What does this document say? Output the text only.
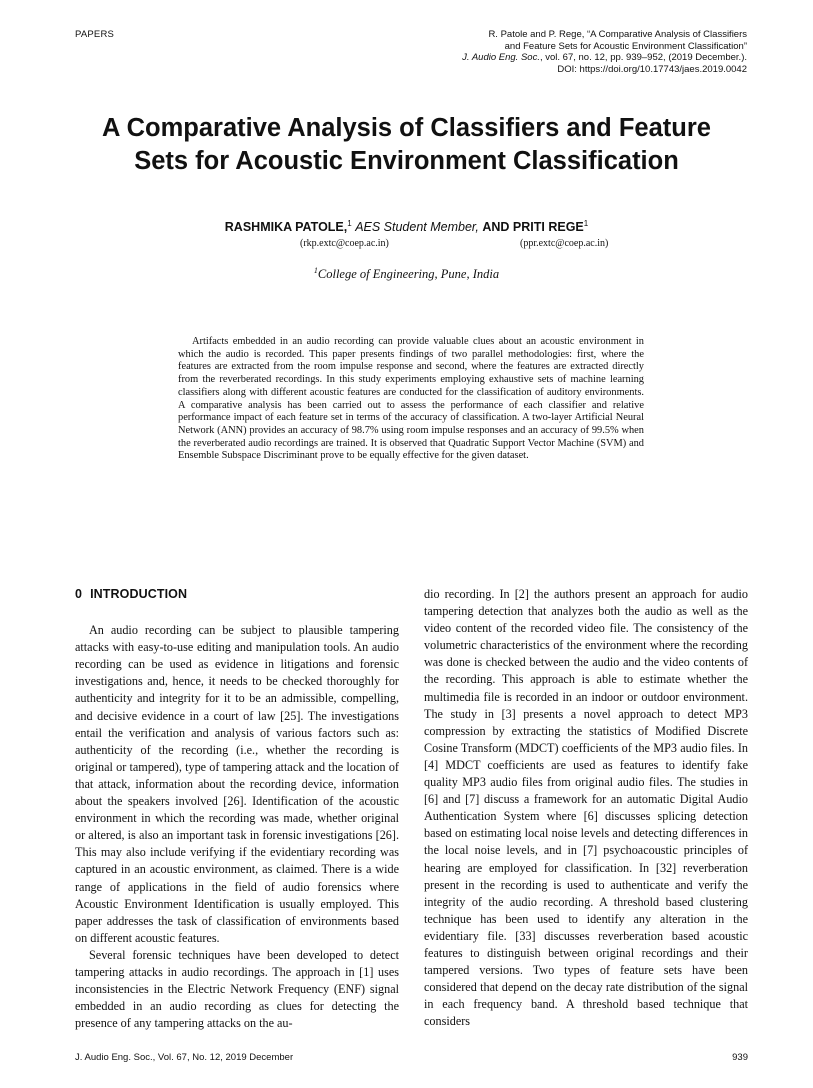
PAPERS	R. Patole and P. Rege, “A Comparative Analysis of Classifiers
and Feature Sets for Acoustic Environment Classification”
J. Audio Eng. Soc., vol. 67, no. 12, pp. 939–952, (2019 December.).
DOI: https://doi.org/10.17743/jaes.2019.0042
A Comparative Analysis of Classifiers and Feature
Sets for Acoustic Environment Classification
RASHMIKA PATOLE,$^1$ AES Student Member, AND PRITI REGE$^1$
(rkp.extc@coep.ac.in)	(ppr.extc@coep.ac.in)
$^1$College of Engineering, Pune, India
Artifacts embedded in an audio recording can provide valuable clues about an acoustic environment in which the audio is recorded. This paper presents findings of two parallel methodologies: first, where the features are extracted from the room impulse response and second, where the features are extracted directly from the reverberated recordings. In this study experiments employing exhaustive sets of machine learning classifiers along with different acoustic features are conducted for the classification of auditory environments. A comparative analysis has been carried out to assess the performance of each classifier and relative performance impact of each feature set in terms of the accuracy of classification. A two-layer Artificial Neural Network (ANN) provides an accuracy of 98.7% using room impulse responses and an accuracy of 99.5% when the reverberated audio recordings are trained. It is observed that Quadratic Support Vector Machine (SVM) and Ensemble Subspace Discriminant prove to be equally effective for the given dataset.
0 INTRODUCTION

An audio recording can be subject to plausible tampering attacks with easy-to-use editing and manipulation tools. An audio recording can be used as evidence in litigations and forensic investigations and, hence, it needs to be checked thoroughly for authenticity and integrity for it to be an admissible, compelling, and decisive evidence in a court of law [25]. The investigations entail the verification and analysis of various factors such as: authenticity of the recording (i.e., whether the recording is original or tampered), type of tampering attack and the location of that attack, information about the recording device, information about the speakers involved [26]. Identification of the acoustic environment in which the recording was made, whether original or altered, is also an important task in forensic investigations [26]. This may also include verifying if the evidentiary recording was captured in an acoustic environment, as claimed. There is a wide range of applications in the field of audio forensics where Acoustic Environment Identification is usually employed. This paper addresses the task of classification of environments based on different acoustic features.

Several forensic techniques have been developed to detect tampering attacks in audio recordings. The approach in [1] uses inconsistencies in the Electric Network Frequency (ENF) signal embedded in an audio recording as clues for detecting the presence of any tampering attacks on the au-

dio recording. In [2] the authors present an approach for audio tampering detection that analyzes both the audio as well as the video content of the recorded video file. The consistency of the volumetric characteristics of the environment where the recording was done is checked between the audio and the video contents of the recording. This approach is able to estimate whether the multimedia file is recorded in an indoor or outdoor environment. The study in [3] presents a novel approach to detect MP3 compression by extracting the statistics of Modified Discrete Cosine Transform (MDCT) coefficients of the MP3 audio files. In [4] MDCT coefficients are used as features to identify fake quality MP3 audio files from original audio files. The studies in [6] and [7] discuss a framework for an automatic Digital Audio Authentication System where [6] discusses splicing detection based on estimating local noise levels and detecting differences in the local noise levels, and in [7] psychoacoustic principles of hearing are employed for classification. In [32] reverberation present in the recording is used to authenticate and verify the integrity of the audio recording. A threshold based clustering technique has been used to identify any alteration in the evidentiary file. [33] discusses reverberation based acoustic features to distinguish between original recordings and their tampered versions. Two types of feature sets have been considered that depend on the decay rate distribution of the signal in each frequency band. A threshold based technique that considers

J. Audio Eng. Soc., Vol. 67, No. 12, 2019 December	939
